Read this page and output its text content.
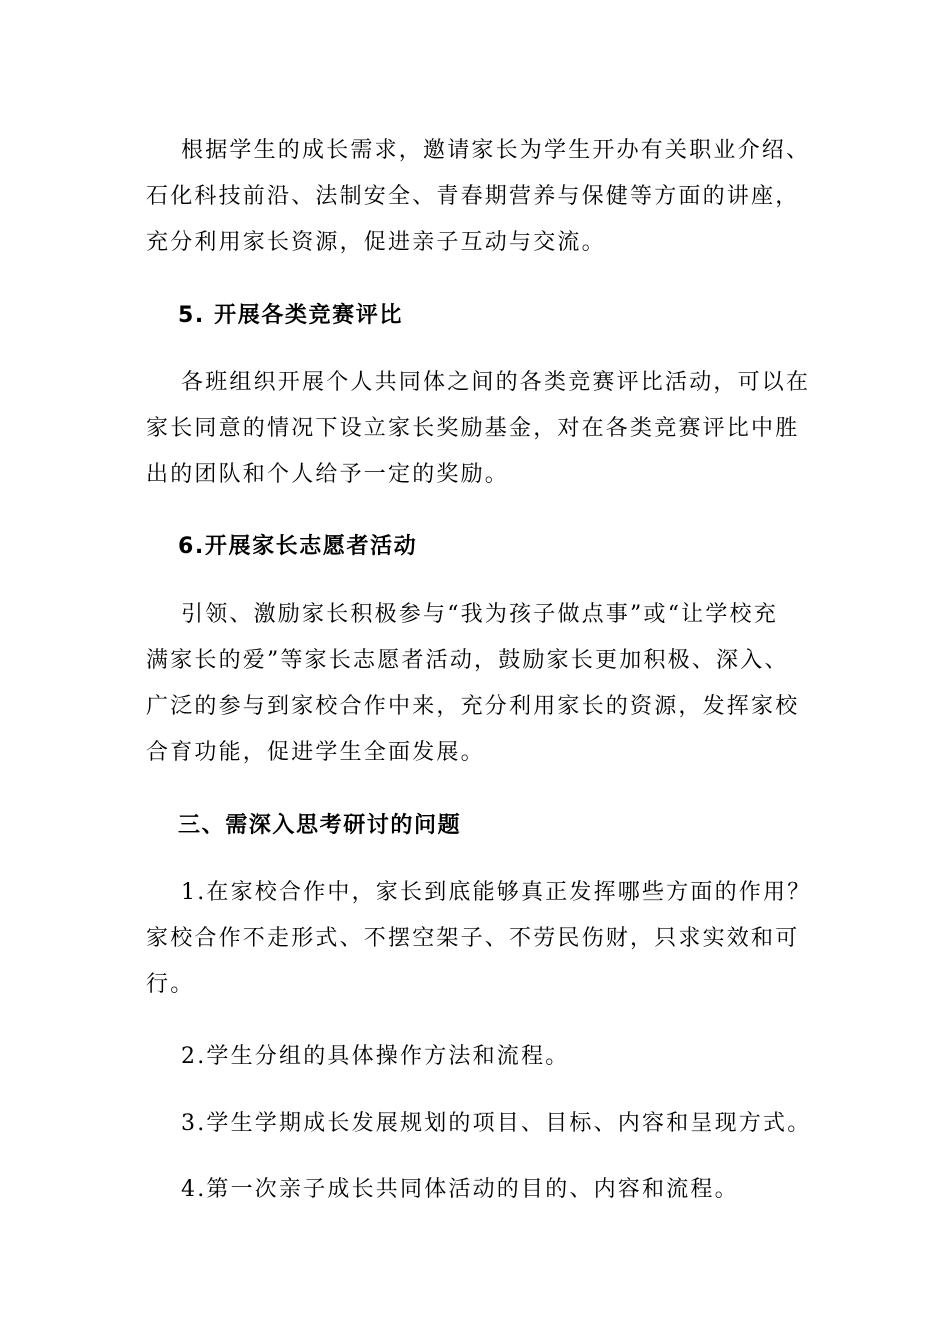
根据学生的成长需求，邀请家长为学生开办有关职业介绍、
石化科技前沿、法制安全、青春期营养与保健等方面的讲座，
充分利用家长资源，促进亲子互动与交流。
5. 开展各类竞赛评比
各班组织开展个人共同体之间的各类竞赛评比活动，可以在
家长同意的情况下设立家长奖励基金，对在各类竞赛评比中胜
出的团队和个人给予一定的奖励。
6.开展家长志愿者活动
引领、激励家长积极参与“我为孩子做点事”或“让学校充
满家长的爱”等家长志愿者活动，鼓励家长更加积极、深入、
广泛的参与到家校合作中来，充分利用家长的资源，发挥家校
合育功能，促进学生全面发展。
三、需深入思考研讨的问题
1.在家校合作中，家长到底能够真正发挥哪些方面的作用？
家校合作不走形式、不摆空架子、不劳民伤财，只求实效和可
行。
2.学生分组的具体操作方法和流程。
3.学生学期成长发展规划的项目、目标、内容和呈现方式。
4.第一次亲子成长共同体活动的目的、内容和流程。
